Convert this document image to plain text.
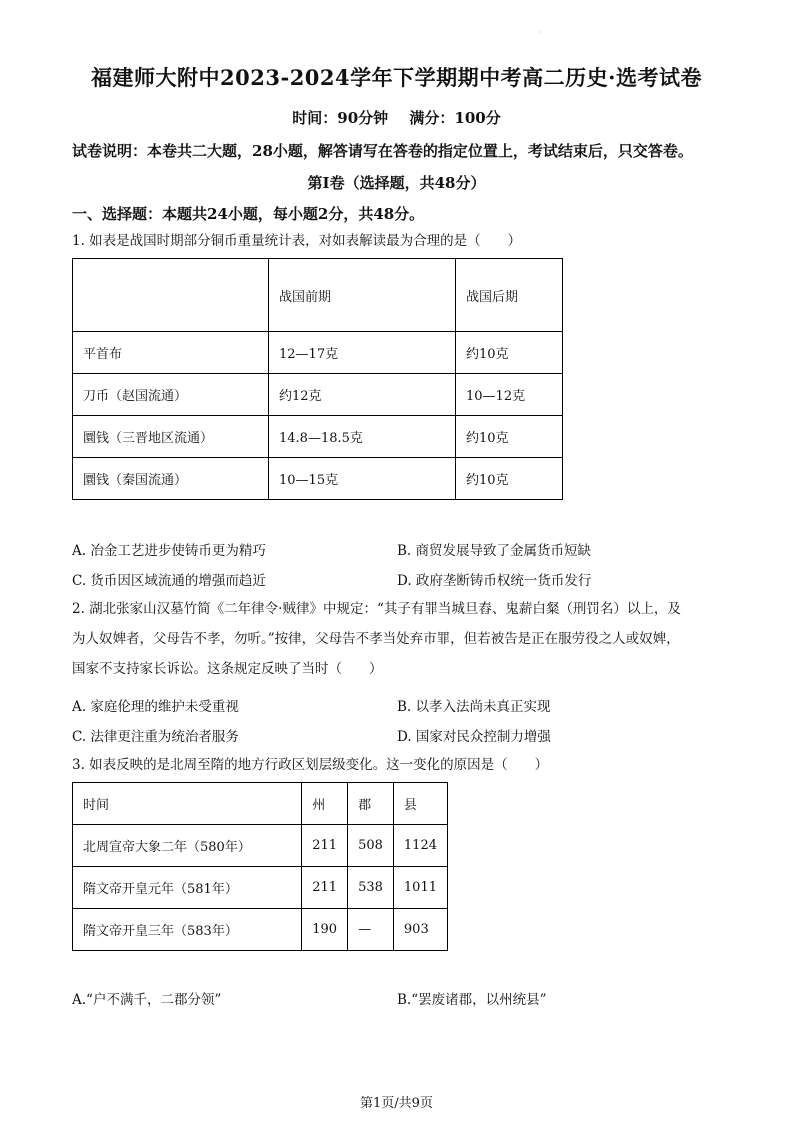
·
福建师大附中2023-2024学年下学期期中考高二历史·选考试卷
时间：90分钟 满分：100分
试卷说明：本卷共二大题，28小题，解答请写在答卷的指定位置上，考试结束后，只交答卷。
第Ⅰ卷（选择题，共48分）
一、选择题：本题共24小题，每小题2分，共48分。
1. 如表是战国时期部分铜币重量统计表，对如表解读最为合理的是（　　）
	战国前期	战国后期
平首布	12—17克	约10克
刀币（赵国流通）	约12克	10—12克
圜钱（三晋地区流通）	14.8—18.5克	约10克
圜钱（秦国流通）	10—15克	约10克
A. 冶金工艺进步使铸币更为精巧	B. 商贸发展导致了金属货币短缺
C. 货币因区域流通的增强而趋近	D. 政府垄断铸币权统一货币发行
2. 湖北张家山汉墓竹简《二年律令·贼律》中规定：“其子有罪当城旦舂、鬼薪白粲（刑罚名）以上，及
为人奴婢者，父母告不孝，勿听。”按律，父母告不孝当处弃市罪，但若被告是正在服劳役之人或奴婢，
国家不支持家长诉讼。这条规定反映了当时（　　）
A. 家庭伦理的维护未受重视	B. 以孝入法尚未真正实现
C. 法律更注重为统治者服务	D. 国家对民众控制力增强
3. 如表反映的是北周至隋的地方行政区划层级变化。这一变化的原因是（　　）
时间	州	郡	县
北周宣帝大象二年（580年）	211	508	1124
隋文帝开皇元年（581年）	211	538	1011
隋文帝开皇三年（583年）	190	—	903
A.“户不满千，二郡分领”	B.“罢废诸郡，以州统县”
第1页/共9页
